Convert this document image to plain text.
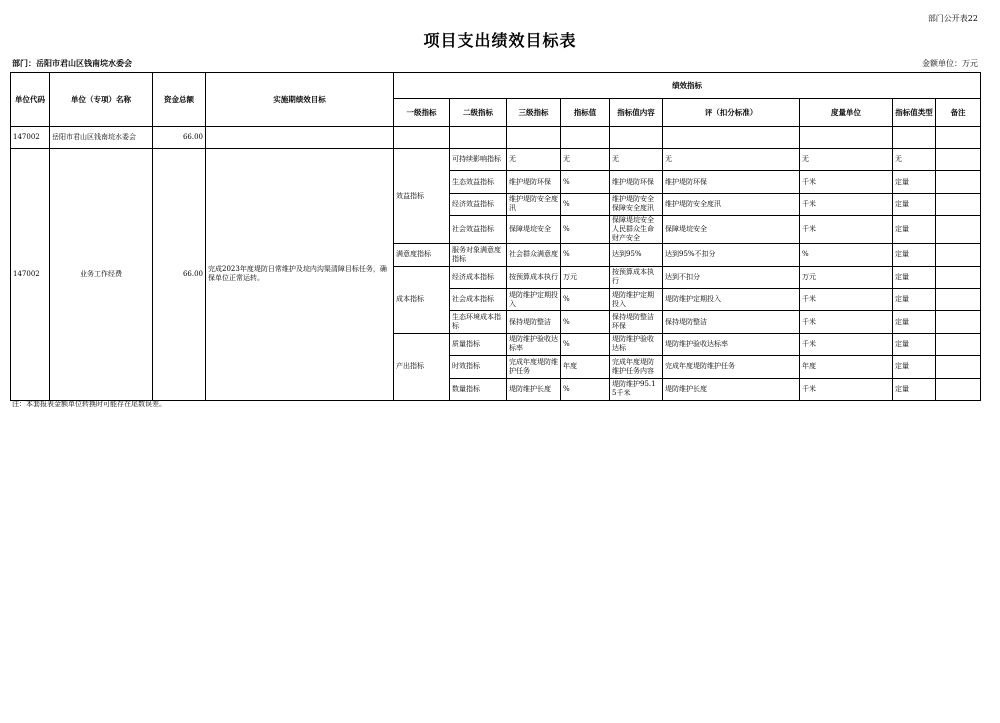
部门公开表22
项目支出绩效目标表
部门：岳阳市君山区钱南垸水委会	金额单位：万元
单位代码	单位（专项）名称	资金总额	实施期绩效目标	绩效指标								
				一级指标	二级指标	三级指标	指标值	指标值内容	评（扣分标准）	度量单位	指标值类型	备注
147002	岳阳市君山区钱南垸水委会	66.00										
147002	业务工作经费	66.00	完成2023年度堤防日常维护及垸内沟渠清障目标任务，确保单位正常运转。	效益指标	可持续影响指标	无	无	无	无	无	无	
					生态效益指标	维护堤防环保	%	维护堤防环保	维护堤防环保	千米	定量	
					经济效益指标	维护堤防安全度汛	%	维护堤防安全保障安全度汛	维护堤防安全度汛	千米	定量	
					社会效益指标	保障堤垸安全	%	保障堤垸安全人民群众生命财产安全	保障堤垸安全	千米	定量	
				满意度指标	服务对象满意度指标	社会群众满意度	%	达到95%	达到95%不扣分	%	定量	
				成本指标	经济成本指标	按预算成本执行	万元	按预算成本执行	达到不扣分	万元	定量	
					社会成本指标	堤防维护定期投入	%	堤防维护定期投入	堤防维护定期投入	千米	定量	
					生态环境成本指标	保持堤防整洁	%	保持堤防整洁环保	保持堤防整洁	千米	定量	
				产出指标	质量指标	堤防维护验收达标率	%	堤防维护验收达标	堤防维护验收达标率	千米	定量	
					时效指标	完成年度堤防维护任务	年度	完成年度堤防维护任务内容	完成年度堤防维护任务	年度	定量	
					数量指标	堤防维护长度	%	堤防维护95.15千米	堤防维护长度	千米	定量	
注：本套报表金额单位转换时可能存在尾数误差。
